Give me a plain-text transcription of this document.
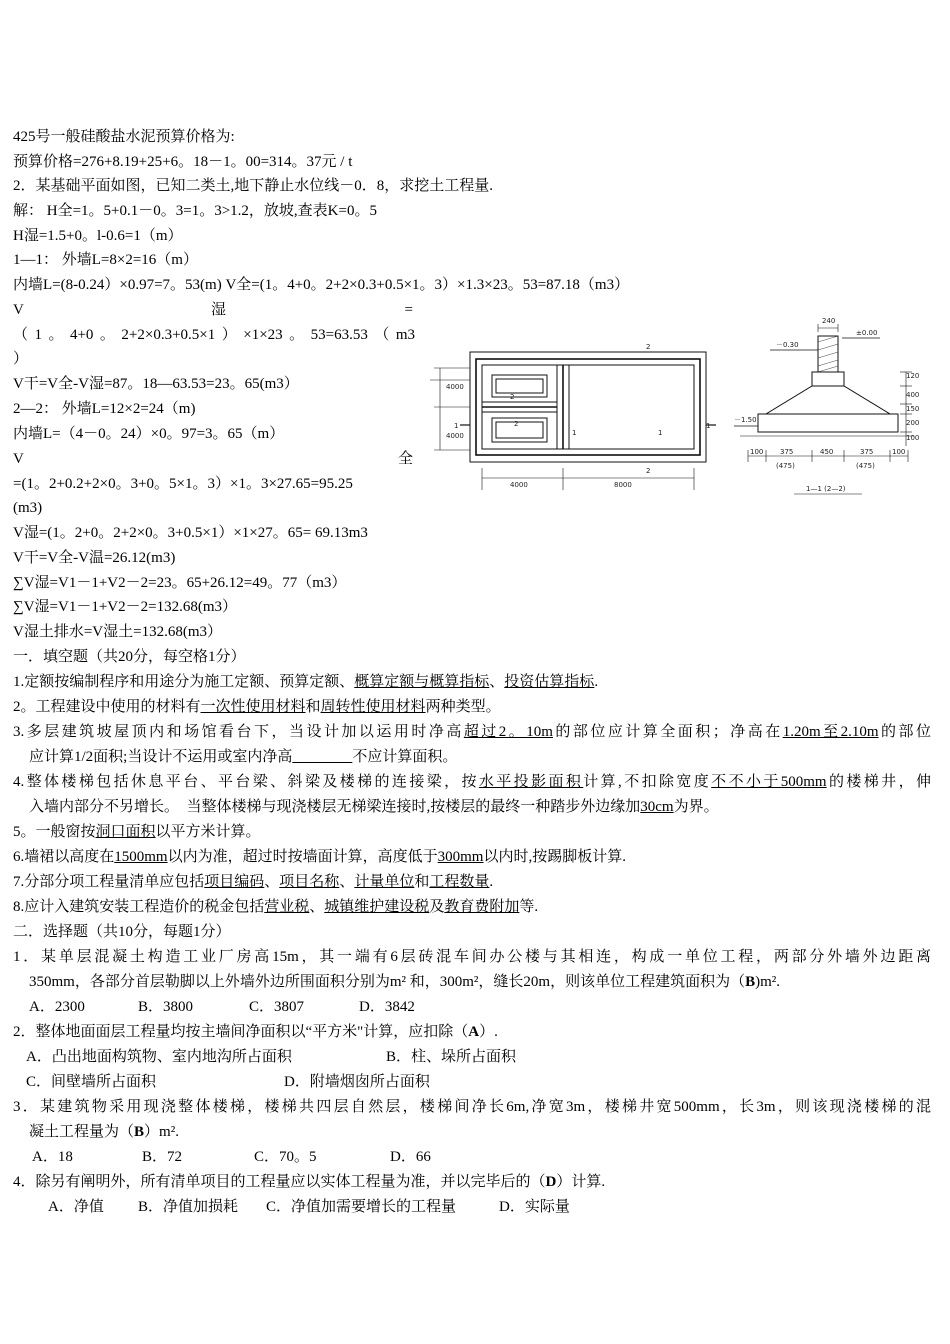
425号一般硅酸盐水泥预算价格为:
预算价格=276+8.19+25+6。18－1。00=314。37元 / t
2．某基础平面如图，已知二类土,地下静止水位线－0．8，求挖土工程量.
解： H全=1。5+0.1－0。3=1。3>1.2，放坡,查表K=0。5
H湿=1.5+0。l-0.6=1（m）
1—1： 外墙L=8×2=16（m）
内墙L=(8-0.24）×0.97=7。53(m) V全=(1。4+0。2+2×0.3+0.5×1。3）×1.3×23。53=87.18（m3）
V	湿	=
（1。4+0。2+2×0.3+0.5×1）×1×23。53=63.53（m3
）
V干=V全-V湿=87。18—63.53=23。65(m3）
2—2： 外墙L=12×2=24（m)
内墙L=（4－0。24）×0。97=3。65（m）
V	全
=(1。2+0.2+2×0。3+0。5×1。3）×1。3×27.65=95.25
(m3)
V湿=(1。2+0。2+2×0。3+0.5×1）×1×27。65= 69.13m3
V干=V全-V温=26.12(m3)
∑V湿=V1－1+V2－2=23。65+26.12=49。77（m3）
∑V湿=V1－1+V2－2=132.68(m3）
V湿土排水=V湿土=132.68(m3）
4000
4000
4000	8000
2
2
2
2
1	1
1	1
240
±0.00
－0.30
－1.50
120
400
150
200
100
100 375	450	375	100
(475)	(475)
1—1 (2—2)
一．填空题（共20分，每空格1分）
1.定额按编制程序和用途分为施工定额、预算定额、概算定额与概算指标、投资估算指标.
2。工程建设中使用的材料有一次性使用材料和周转性使用材料两种类型。
3.多层建筑坡屋顶内和场馆看台下，当设计加以运用时净高超过2。10m的部位应计算全面积；净高在1.20m至2.10m的部位
应计算1/2面积;当设计不运用或室内净高	不应计算面积。
4.整体楼梯包括休息平台、平台梁、斜梁及楼梯的连接梁，按水平投影面积计算,不扣除宽度不不小于500mm的楼梯井，伸
入墙内部分不另增长。  当整体楼梯与现浇楼层无梯梁连接时,按楼层的最终一种踏步外边缘加30cm为界。
5。一般窗按洞口面积以平方米计算。
6.墙裙以高度在1500mm以内为准，超过时按墙面计算，高度低于300mm以内时,按踢脚板计算.
7.分部分项工程量清单应包括项目编码、项目名称、计量单位和工程数量.
8.应计入建筑安装工程造价的税金包括营业税、城镇维护建设税及教育费附加等.
二．选择题（共10分，每题1分）
1．某单层混凝土构造工业厂房高15m，其一端有6层砖混车间办公楼与其相连，构成一单位工程，两部分外墙外边距离
350mm，各部分首层勒脚以上外墙外边所围面积分别为m² 和，300m²，缝长20m，则该单位工程建筑面积为（B)m².
A．2300	B．3800	C．3807	D．3842
2．整体地面面层工程量均按主墙间净面积以“平方米"计算，应扣除（A）.
A．凸出地面构筑物、室内地沟所占面积	B．柱、垛所占面积
C．间壁墙所占面积	D．附墙烟囱所占面积
3．某建筑物采用现浇整体楼梯，楼梯共四层自然层，楼梯间净长6m,净宽3m，楼梯井宽500mm，长3m，则该现浇楼梯的混
凝土工程量为（B）m².
A．18	B．72	C．70。5	D．66
4．除另有阐明外，所有清单项目的工程量应以实体工程量为准，并以完毕后的（D）计算.
A．净值 B．净值加损耗 C．净值加需要增长的工程量	D．实际量
